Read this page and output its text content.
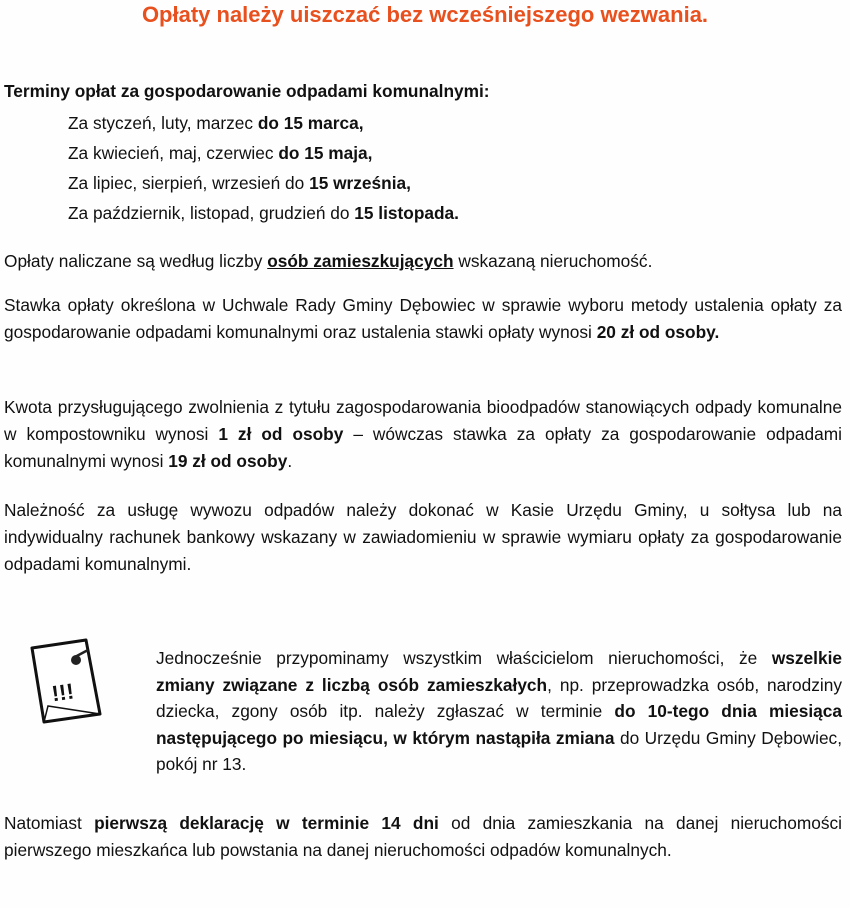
Opłaty należy uiszczać bez wcześniejszego wezwania.

Terminy opłat za gospodarowanie odpadami komunalnymi:

Za styczeń, luty, marzec do 15 marca,
Za kwiecień, maj, czerwiec do 15 maja,
Za lipiec, sierpień, wrzesień do 15 września,
Za październik, listopad, grudzień do 15 listopada.

Opłaty naliczane są według liczby osób zamieszkujących wskazaną nieruchomość.

Stawka opłaty określona w Uchwale Rady Gminy Dębowiec w sprawie wyboru metody ustalenia opłaty za gospodarowanie odpadami komunalnymi oraz ustalenia stawki opłaty wynosi 20 zł od osoby.

Kwota przysługującego zwolnienia z tytułu zagospodarowania bioodpadów stanowiących odpady komunalne w kompostowniku wynosi 1 zł od osoby – wówczas stawka za opłaty za gospodarowanie odpadami komunalnymi wynosi 19 zł od osoby.

Należność za usługę wywozu odpadów należy dokonać w Kasie Urzędu Gminy, u sołtysa lub na indywidualny rachunek bankowy wskazany w zawiadomieniu w sprawie wymiaru opłaty za gospodarowanie odpadami komunalnymi.

!!!

Jednocześnie przypominamy wszystkim właścicielom nieruchomości, że wszelkie zmiany związane z liczbą osób zamieszkałych, np. przeprowadzka osób, narodziny dziecka, zgony osób itp. należy zgłaszać w terminie do 10-tego dnia miesiąca następującego po miesiącu, w którym nastąpiła zmiana do Urzędu Gminy Dębowiec, pokój nr 13.

Natomiast pierwszą deklarację w terminie 14 dni od dnia zamieszkania na danej nieruchomości pierwszego mieszkańca lub powstania na danej nieruchomości odpadów komunalnych.
